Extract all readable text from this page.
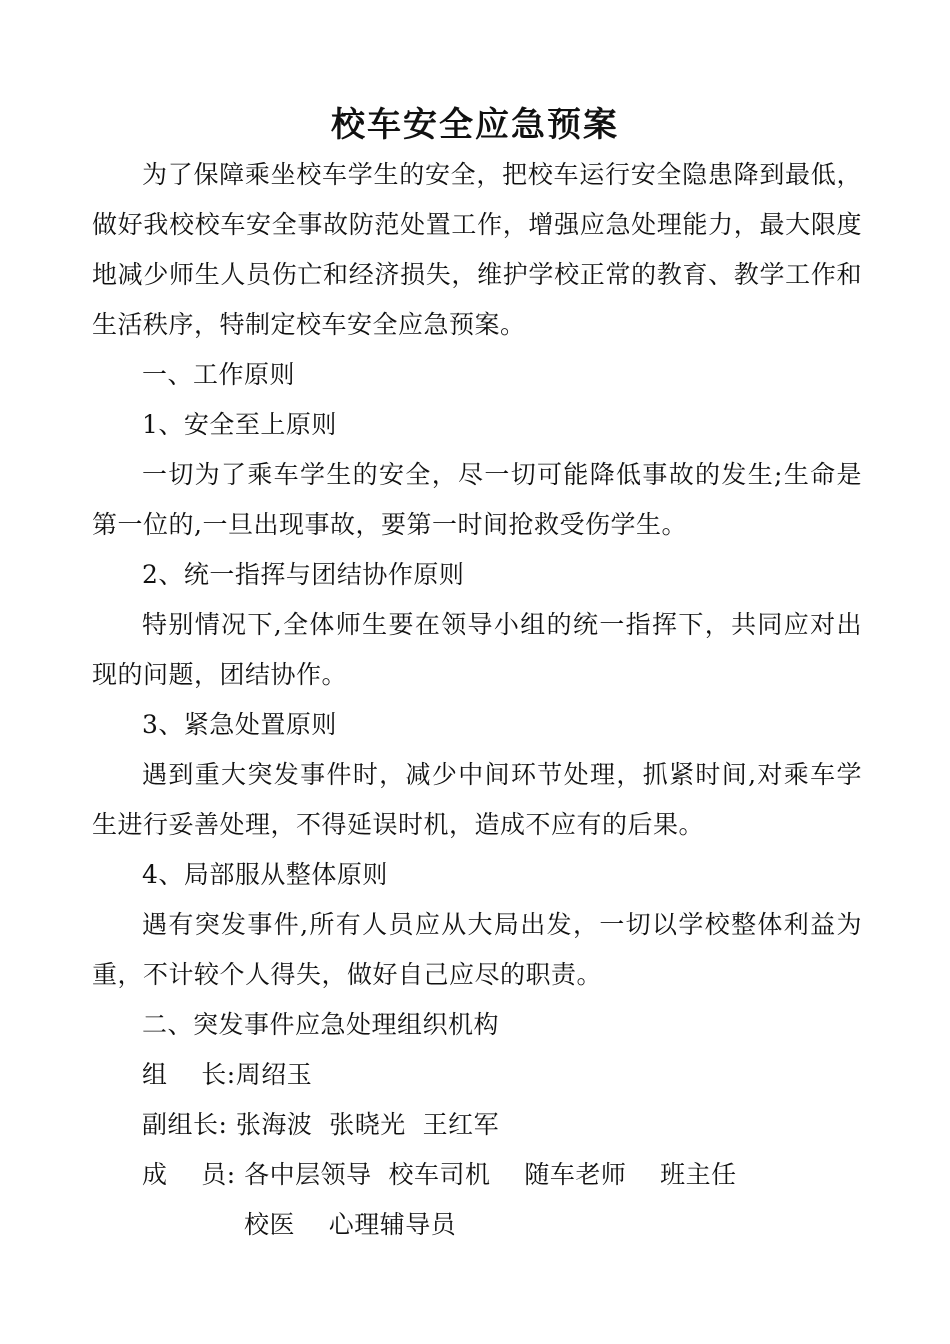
校车安全应急预案

为了保障乘坐校车学生的安全，把校车运行安全隐患降到最低，做好我校校车安全事故防范处置工作，增强应急处理能力，最大限度地减少师生人员伤亡和经济损失，维护学校正常的教育、教学工作和生活秩序，特制定校车安全应急预案。

一、工作原则

1、安全至上原则

一切为了乘车学生的安全，尽一切可能降低事故的发生;生命是第一位的,一旦出现事故，要第一时间抢救受伤学生。

2、统一指挥与团结协作原则

特别情况下,全体师生要在领导小组的统一指挥下，共同应对出现的问题，团结协作。

3、紧急处置原则

遇到重大突发事件时，减少中间环节处理，抓紧时间,对乘车学生进行妥善处理，不得延误时机，造成不应有的后果。

4、局部服从整体原则

遇有突发事件,所有人员应从大局出发，一切以学校整体利益为重，不计较个人得失，做好自己应尽的职责。

二、突发事件应急处理组织机构

组    长:周绍玉

副组长: 张海波  张晓光  王红军

成    员: 各中层领导  校车司机    随车老师    班主任

校医    心理辅导员
